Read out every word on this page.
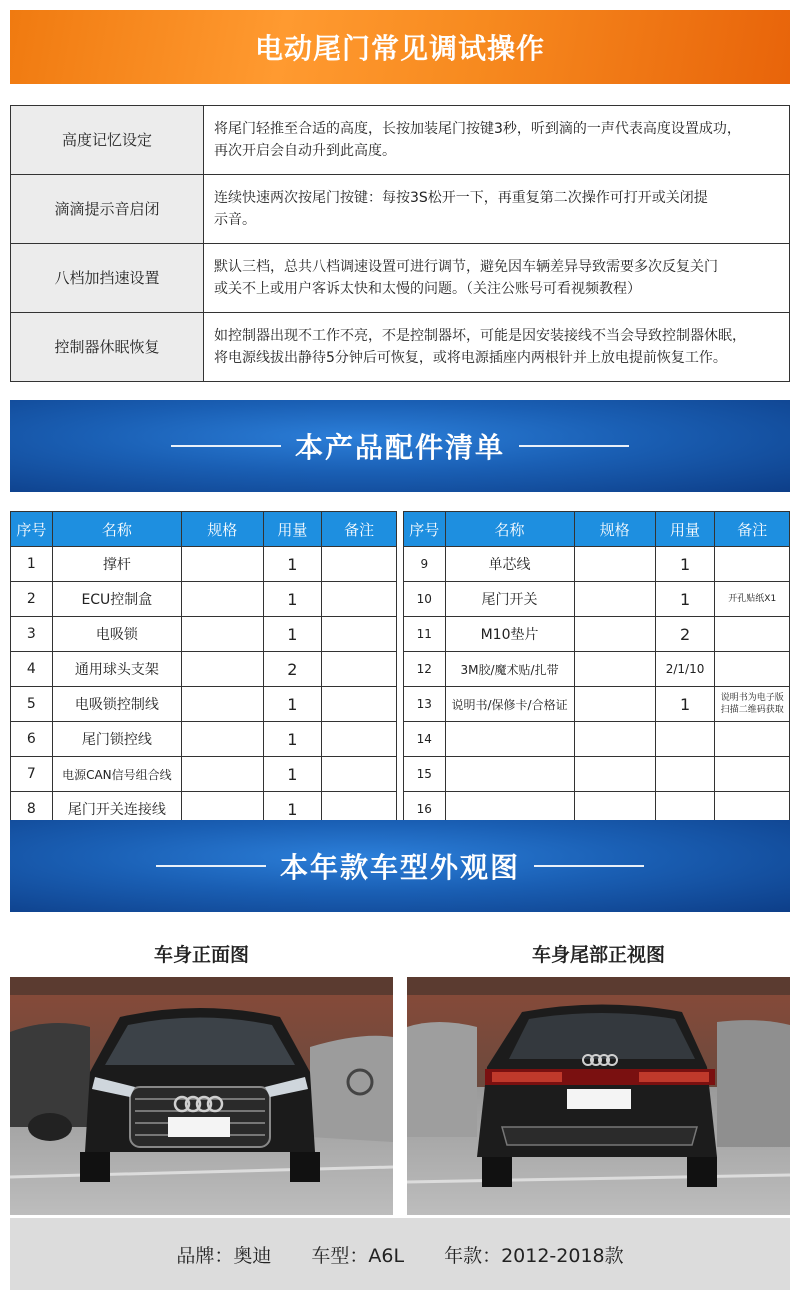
电动尾门常见调试操作
高度记忆设定	将尾门轻推至合适的高度，长按加装尾门按键3秒，听到滴的一声代表高度设置成功，
再次开启会自动升到此高度。

滴滴提示音启闭	连续快速两次按尾门按键：每按3S松开一下，再重复第二次操作可打开或关闭提
示音。

八档加挡速设置	默认三档，总共八档调速设置可进行调节，避免因车辆差异导致需要多次反复关门
或关不上或用户客诉太快和太慢的问题。（关注公账号可看视频教程）

控制器休眠恢复	如控制器出现不工作不亮，不是控制器坏，可能是因安装接线不当会导致控制器休眠，
将电源线拔出静待5分钟后可恢复，或将电源插座内两根针并上放电提前恢复工作。
本产品配件清单
序号	名称	规格	用量	备注
1	撑杆		1	
2	ECU控制盒		1	
3	电吸锁		1	
4	通用球头支架		2	
5	电吸锁控制线		1	
6	尾门锁控线		1	
7	电源CAN信号组合线		1	
8	尾门开关连接线		1	
序号	名称	规格	用量	备注
9	单芯线		1	
10	尾门开关		1	开孔贴纸X1
11	M10垫片		2	
12	3M胶/魔术贴/扎带		2/1/10	
13	说明书/保修卡/合格证		1	说明书为电子版 扫描二维码获取
14				
15				
16				
本年款车型外观图
车身正面图	车身尾部正视图
品牌：奥迪 车型：A6L 年款：2012-2018款
